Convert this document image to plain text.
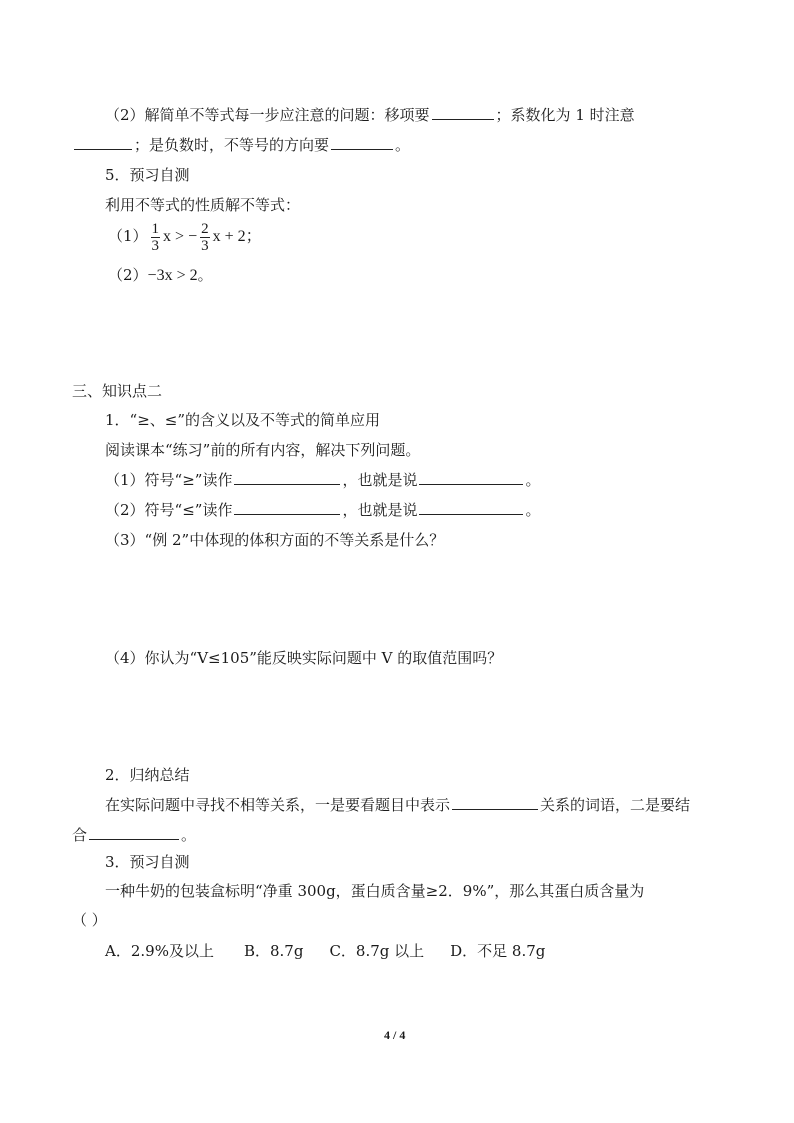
（2）解简单不等式每一步应注意的问题：移项要	；系数化为 1 时注意
；是负数时，不等号的方向要	。
5．预习自测
利用不等式的性质解不等式：
$(1) \frac{1}{3}$ x > − $\frac{2}{3}$ x + 2；
（2）−3x > 2。
三、知识点二
1．“≥、≤”的含义以及不等式的简单应用
阅读课本“练习”前的所有内容，解决下列问题。
（1）符号“≥”读作	，也就是说	。
（2）符号“≤”读作	，也就是说	。
（3）“例 2”中体现的体积方面的不等关系是什么？
（4）你认为“V≤105”能反映实际问题中 V 的取值范围吗？
2．归纳总结
在实际问题中寻找不相等关系，一是要看题目中表示	关系的词语，二是要结
合	。
3．预习自测
一种牛奶的包装盒标明“净重 300g，蛋白质含量≥2．9%”，那么其蛋白质含量为
（ ）
A．2.9%及以上 B．8.7g C．8.7g 以上 D．不足 8.7g
4 / 4
